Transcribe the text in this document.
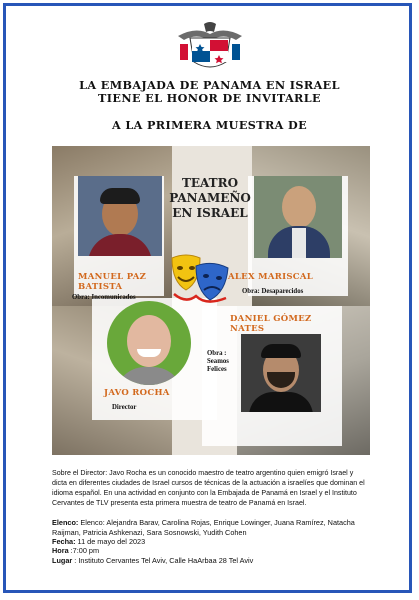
LA EMBAJADA DE PANAMA EN ISRAEL
TIENE EL HONOR DE INVITARLE
A LA PRIMERA MUESTRA DE
TEATRO
PANAMEÑO
EN ISRAEL
MANUEL PAZ
BATISTA
Obra: Incomunicados
ALEX MARISCAL
Obra: Desaparecidos
JAVO ROCHA
Director
DANIEL GÓMEZ
NATES
Obra :
Seamos
Felices
Sobre el Director: Javo Rocha es un conocido maestro de teatro argentino quien emigró Israel y dicta en diferentes ciudades de Israel cursos de técnicas de la actuación a israelíes que dominan el idioma español. En una actividad en conjunto con la Embajada de Panamá en Israel y el Instituto Cervantes de TLV presenta esta primera muestra de teatro de Panamá en Israel.
Elenco: Elenco: Alejandra Barav, Carolina Rojas, Enrique Lowinger, Juana Ramírez, Natacha Raijman, Patricia Ashkenazi, Sara Sosnowski, Yudith Cohen
Fecha: 11 de mayo del 2023
Hora :7:00 pm
Lugar : Instituto Cervantes Tel Aviv, Calle HaArbaa 28 Tel Aviv
